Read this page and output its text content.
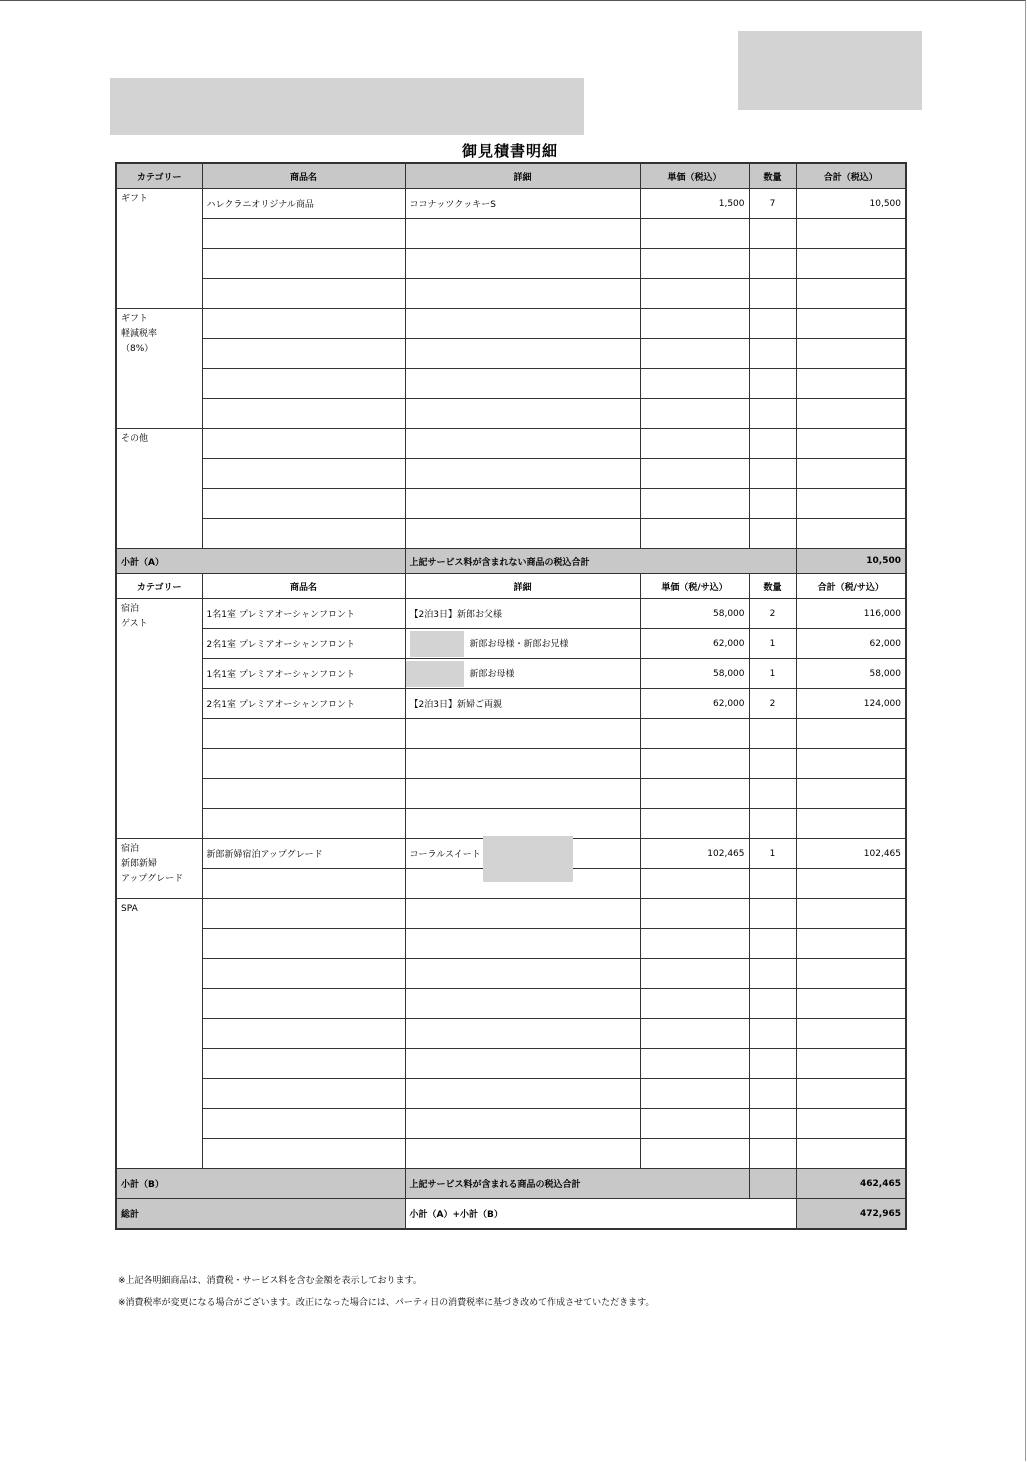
御見積書明細
カテゴリー	商品名	詳細	単価（税込）	数量	合計（税込）
ギフト	ハレクラニオリジナル商品	ココナッツクッキーS	1,500	7	10,500

ギフト
軽減税率
（8%）					

その他					

小計（A）		上記サービス料が含まれない商品の税込合計			10,500
カテゴリー	商品名	詳細	単価（税/サ込）	数量	合計（税/サ込）
宿泊
ゲスト	1名1室 プレミアオーシャンフロント	【2泊3日】新郎お父様	58,000	2	116,000
	2名1室 プレミアオーシャンフロント	新郎お母様・新郎お兄様	62,000	1	62,000
	1名1室 プレミアオーシャンフロント	新郎お母様	58,000	1	58,000
	2名1室 プレミアオーシャンフロント	【2泊3日】新婦ご両親	62,000	2	124,000

宿泊
新郎新婦
アップグレード	新郎新婦宿泊アップグレード	コーラルスイート	102,465	1	102,465

SPA					

小計（B）		上記サービス料が含まれる商品の税込合計			462,465
総計		小計（A）+小計（B）			472,965
※上記各明細商品は、消費税・サービス料を含む金額を表示しております。
※消費税率が変更になる場合がございます。改正になった場合には、パーティ日の消費税率に基づき改めて作成させていただきます。
